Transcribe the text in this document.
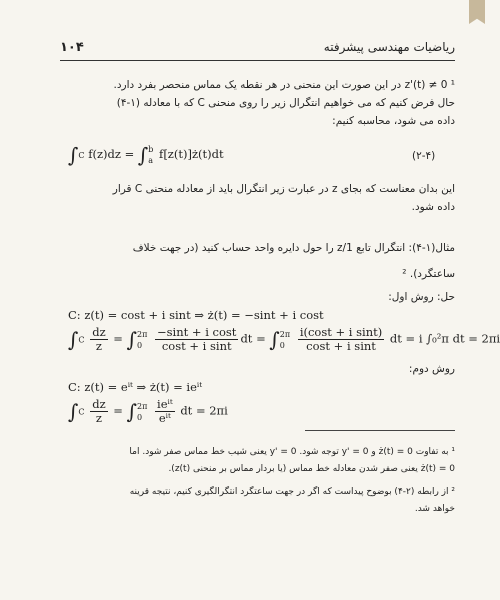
۱۰۴	ریاضیات مهندسی پیشرفته
z'(t) ≠ 0 ¹ در این صورت این منحنی در هر نقطه یک مماس منحصر بفرد دارد.
حال فرض کنیم که می خواهیم انتگرال زیر را روی منحنی C که با معادله (۱-۴)
داده می شود، محاسبه کنیم:
∫C f(z)dz = ∫ b
a f[z(t)]ż(t)dt	(۲-۴)
این بدان معناست که بجای z در عبارت زیر انتگرال باید از معادله منحنی C قرار
داده شود.
مثال(۱-۴): انتگرال تابع 1/z را حول دایره واحد حساب کنید (در جهت خلاف
ساعتگرد). ²
حل: روش اول:
C: z(t) = cost + i sint ⇒ ż(t) = −sint + i cost
$\int C \frac{dz}{z}$ = ∫ 2π
0
	$\frac{\text{−sint + i cost}}{\text{cost + i sint}}$ dt = ∫ 2π
0
	$\frac{\text{i(cost + i sint)}}{\text{cost + i sint}}$ dt = i ∫₀²π dt = 2πi
روش دوم:
C: z(t) = eⁱᵗ ⇒ ż(t) = ieⁱᵗ
$\int C \frac{dz}{z}$ = ∫ 2π
0
	$\frac{\text{ieⁱᵗ}}{\text{eⁱᵗ}}$ dt = 2πi
¹ به تفاوت ż(t) = 0 و y' = 0 توجه شود. y' = 0 یعنی شیب خط مماس صفر شود. اما
ż(t) = 0 یعنی صفر شدن معادله خط مماس (یا بردار مماس بر منحنی z(t)).
² از رابطه (۲-۴) بوضوح پیداست که اگر در جهت ساعتگرد انتگرالگیری کنیم، نتیجه قرینه
خواهد شد.
